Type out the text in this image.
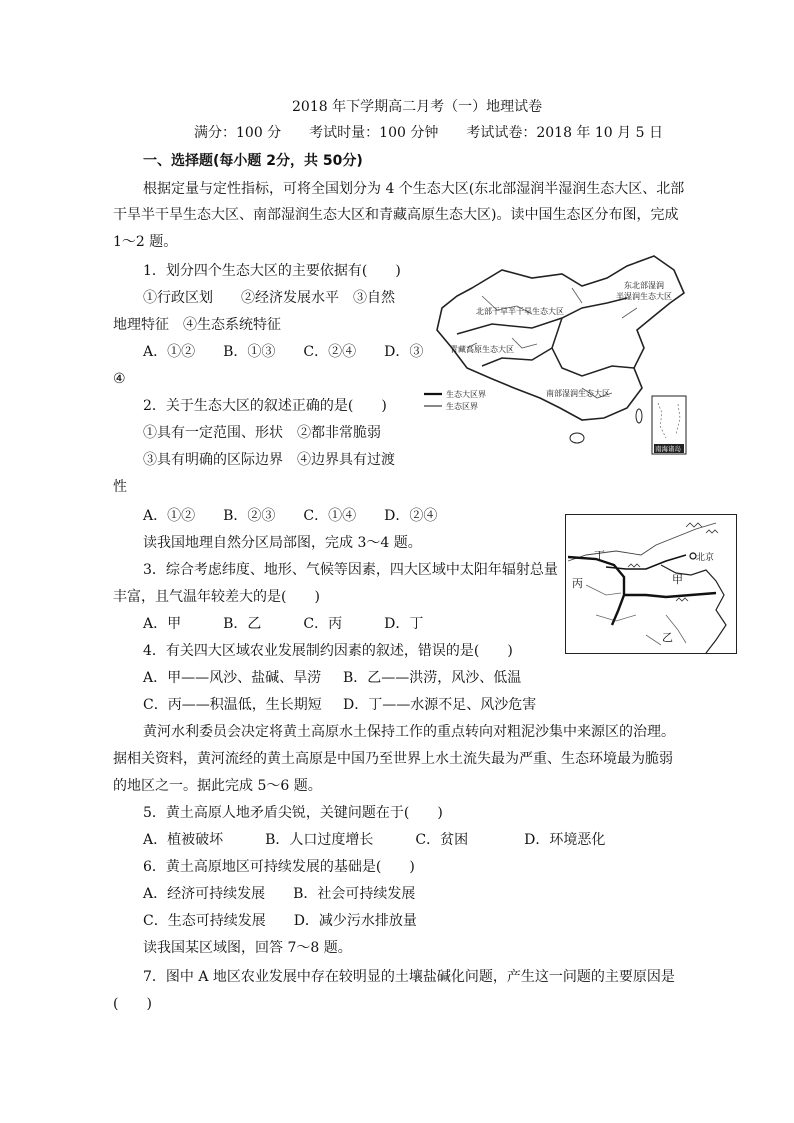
2018 年下学期高二月考（一）地理试卷
满分：100 分　　考试时量：100 分钟　　考试试卷：2018 年 10 月 5 日
一、选择题(每小题 2分，共 50分)
根据定量与定性指标，可将全国划分为 4 个生态大区(东北部湿润半湿润生态大区、北部
干旱半干旱生态大区、南部湿润生态大区和青藏高原生态大区)。读中国生态区分布图，完成
1～2 题。
1．划分四个生态大区的主要依据有(　　)
①行政区划　　②经济发展水平　③自然
地理特征　④生态系统特征
A．①②　　B．①③　　C．②④　　D．③
④
2．关于生态大区的叙述正确的是(　　)
①具有一定范围、形状　②都非常脆弱
③具有明确的区际边界　④边界具有过渡
性
A．①②　　B．②③　　C．①④　　D．②④
读我国地理自然分区局部图，完成 3～4 题。
3．综合考虑纬度、地形、气候等因素，四大区域中太阳年辐射总量
丰富，且气温年较差大的是(　　)
A．甲　　　B．乙　　　C．丙　　　D．丁
4．有关四大区域农业发展制约因素的叙述，错误的是(　　)
A．甲——风沙、盐碱、旱涝 B．乙——洪涝，风沙、低温
C．丙——积温低，生长期短 D．丁——水源不足、风沙危害
黄河水利委员会决定将黄土高原水土保持工作的重点转向对粗泥沙集中来源区的治理。
据相关资料，黄河流经的黄土高原是中国乃至世界上水土流失最为严重、生态环境最为脆弱
的地区之一。据此完成 5～6 题。
5．黄土高原人地矛盾尖锐，关键问题在于(　　)
A．植被破坏　　　B．人口过度增长　　　C．贫困　　　　D．环境恶化
6．黄土高原地区可持续发展的基础是(　　)
A．经济可持续发展　　B．社会可持续发展
C．生态可持续发展　　D．减少污水排放量
读我国某区域图，回答 7～8 题。
7．图中 A 地区农业发展中存在较明显的土壤盐碱化问题，产生这一问题的主要原因是
(　　)
东北部湿润
半湿润生态大区
北部干旱半干旱生态大区
青藏高原生态大区
南部湿润生态大区
生态大区界
生态区界
南海诸岛
北京
丁
丙	甲
乙
